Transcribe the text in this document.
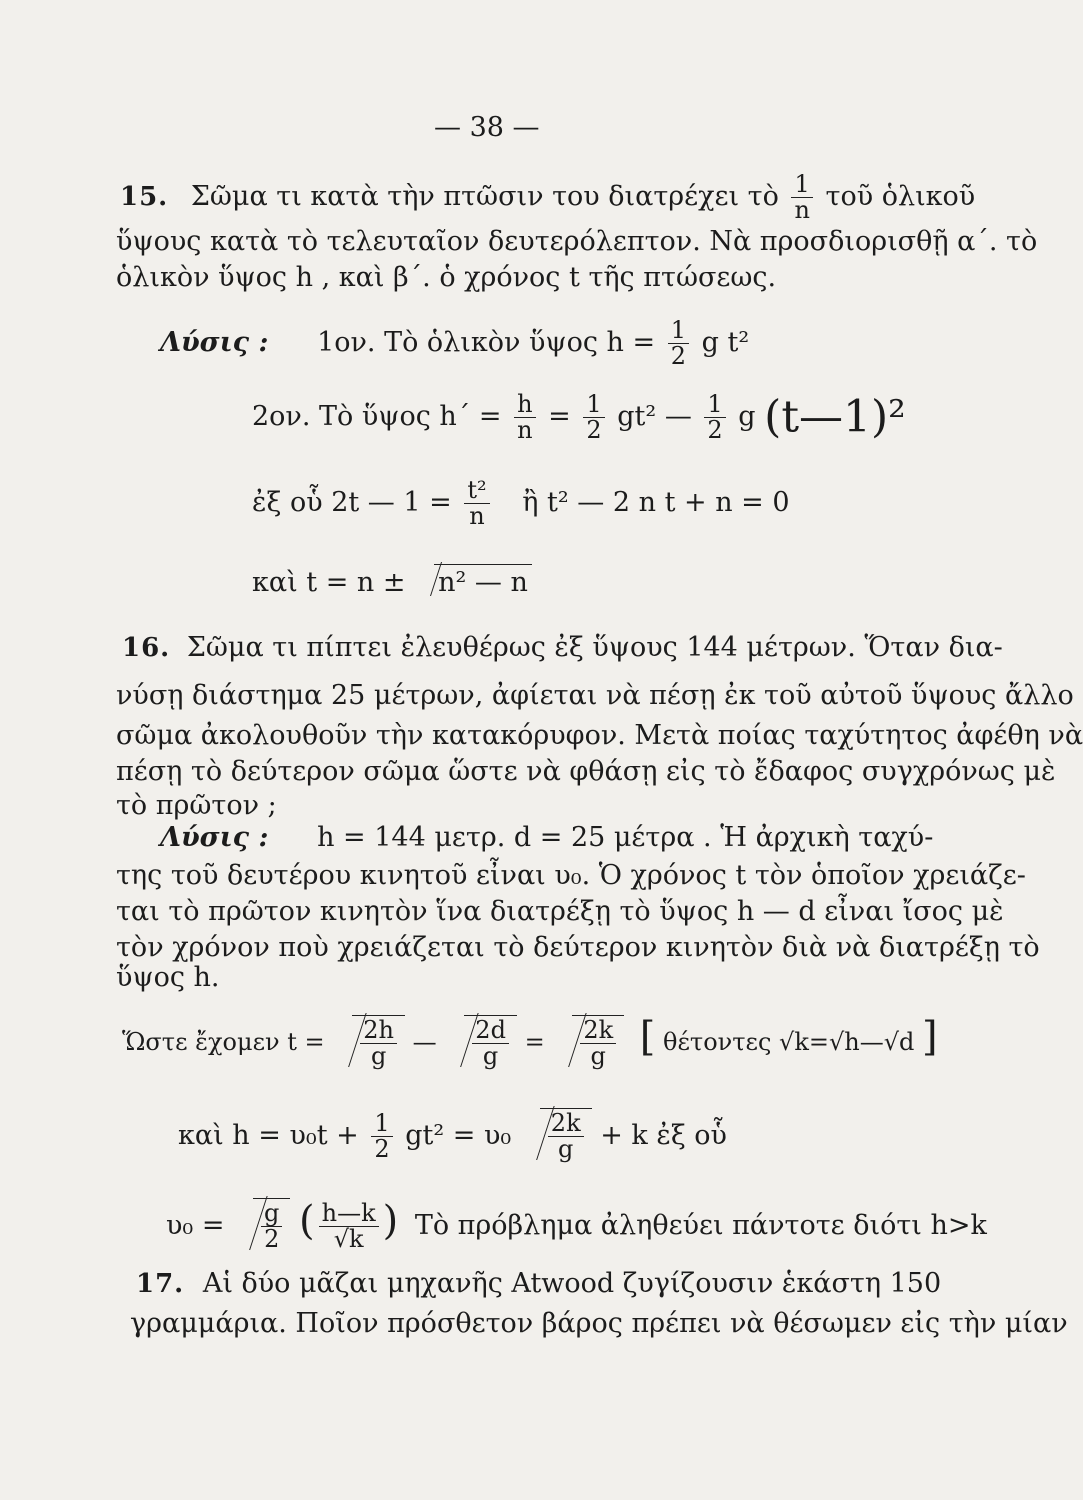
— 38 —
15. Σῶμα τι κατὰ τὴν πτῶσιν του διατρέχει τὸ $\frac{1}{n}$ τοῦ ὁλικοῦ
ὕψους κατὰ τὸ τελευταῖον δευτερόλεπτον. Νὰ προσδιορισθῇ α΄. τὸ
ὁλικὸν ὕψος h , καὶ β΄. ὁ χρόνος t τῆς πτώσεως.
Λύσις : 1ον. Τὸ ὁλικὸν ὕψος $h = \frac{1}{2}$ g t²
2ον. Τὸ ὕψος $h΄ = \frac{h}{n} = \frac{1}{2} gt^2$ — $\frac{1}{2}$ g (t—1)²
ἐξ οὗ 2t — $1 = \frac{\text{t²}}{n}$ ἢ t² — 2 n t + n = 0
καὶ t = n ± n² — n
16. Σῶμα τι πίπτει ἐλευθέρως ἐξ ὕψους 144 μέτρων. Ὅταν δια-
νύσῃ διάστημα 25 μέτρων, ἀφίεται νὰ πέσῃ ἐκ τοῦ αὐτοῦ ὕψους ἄλλο
σῶμα ἀκολουθοῦν τὴν κατακόρυφον. Μετὰ ποίας ταχύτητος ἀφέθη νὰ
πέσῃ τὸ δεύτερον σῶμα ὥστε νὰ φθάσῃ εἰς τὸ ἔδαφος συγχρόνως μὲ
τὸ πρῶτον ;
Λύσις : h = 144 μετρ. d = 25 μέτρα . Ἡ ἀρχικὴ ταχύ-
της τοῦ δευτέρου κινητοῦ εἶναι υ₀. Ὁ χρόνος t τὸν ὁποῖον χρειάζε-
ται τὸ πρῶτον κινητὸν ἵνα διατρέξῃ τὸ ὕψος h — d εἶναι ἴσος μὲ
τὸν χρόνον ποὺ χρειάζεται τὸ δεύτερον κινητὸν διὰ νὰ διατρέξῃ τὸ
ὕψος h.
Ὥστε ἔχομεν $t = \frac{2h}{g}$ — $\frac{2d}{g} = \frac{2k}{g}$ [ θέτοντες √k=√h—√d ]
καὶ $h = \upsilon_0t + \frac{1}{2} gt^2 = \upsilon_0 \frac{2k}{g} + k$ ἐξ οὗ
$\upsilon_0 = \frac{g}{2}$ ( $\frac{h—k}{√k}$ ) Τὸ πρόβλημα ἀληθεύει πάντοτε διότι h>k
17. Αἱ δύο μᾶζαι μηχανῆς Atwood ζυγίζουσιν ἑκάστη 150
γραμμάρια. Ποῖον πρόσθετον βάρος πρέπει νὰ θέσωμεν εἰς τὴν μίαν
